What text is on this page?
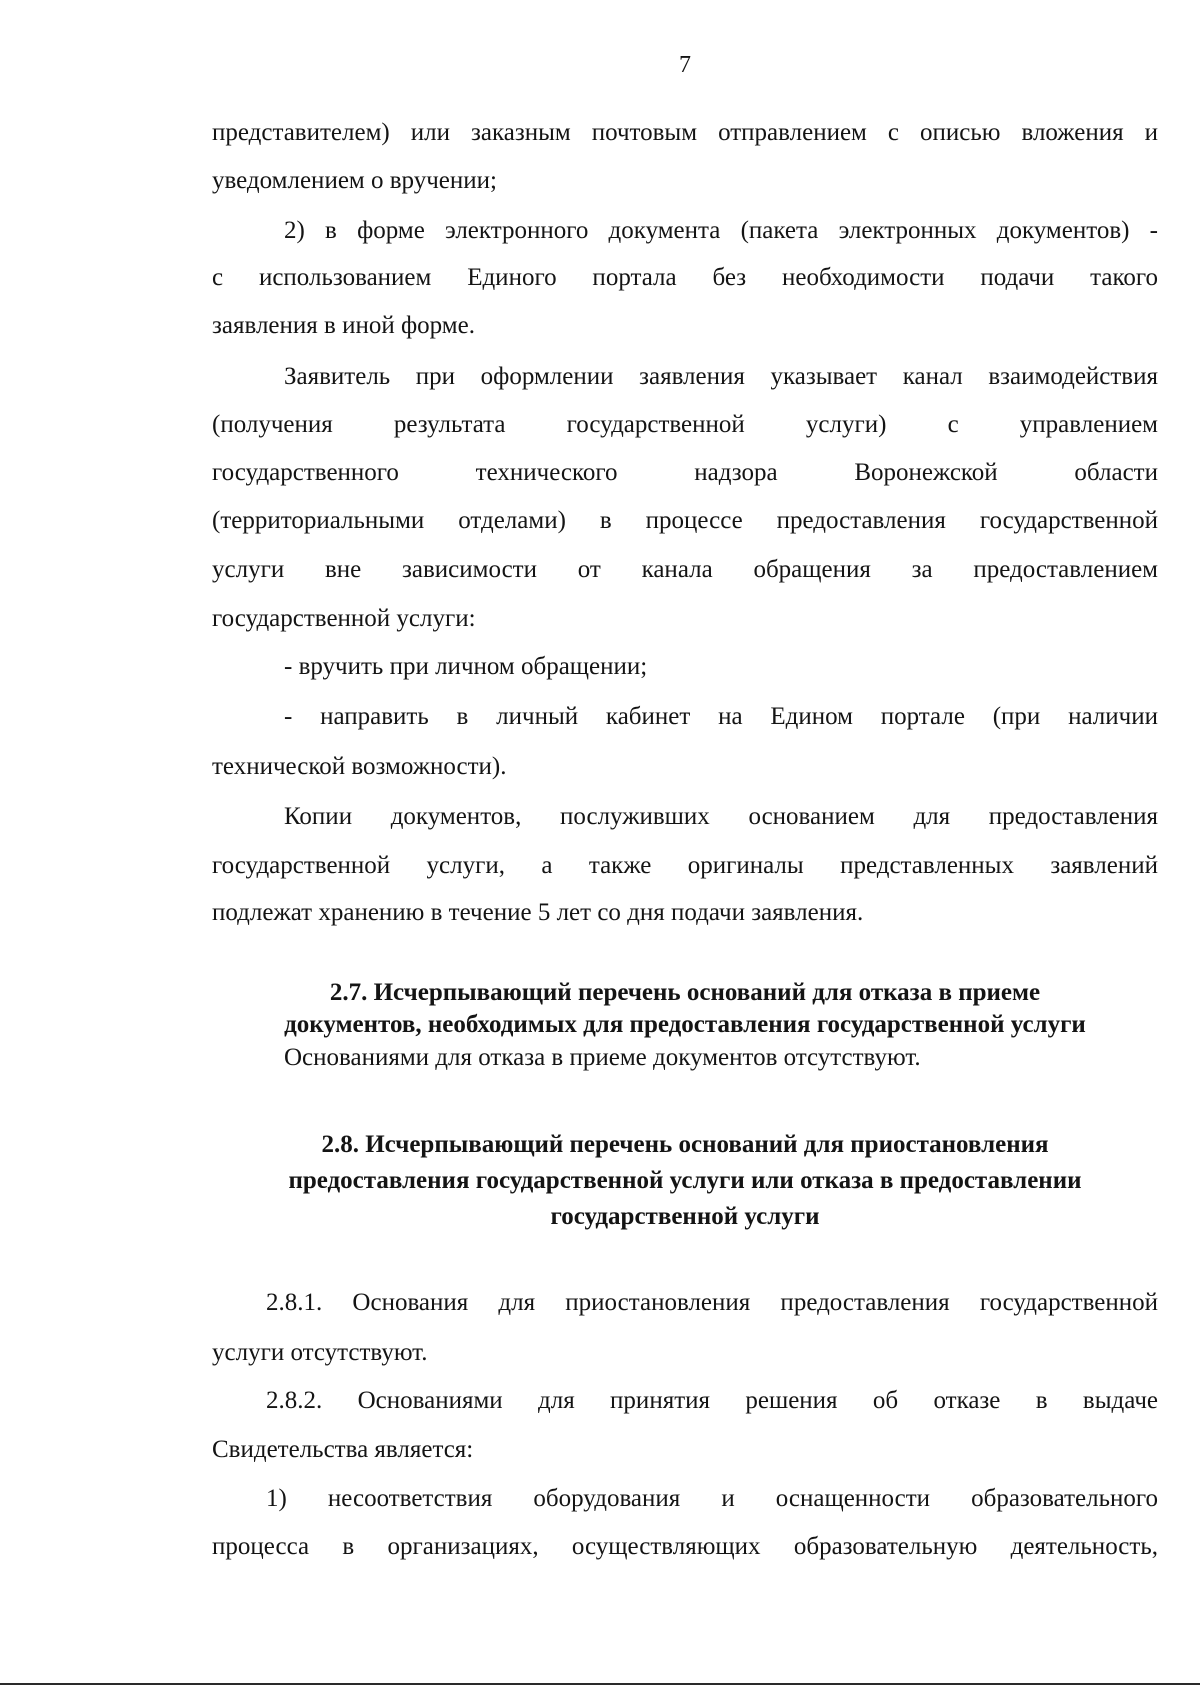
7
представителем) или заказным почтовым отправлением с описью вложения и
уведомлением о вручении;
2) в форме электронного документа (пакета электронных документов) -
с использованием Единого портала без необходимости подачи такого
заявления в иной форме.
Заявитель при оформлении заявления указывает канал взаимодействия
(получения результата государственной услуги) с управлением
государственного технического надзора Воронежской области
(территориальными отделами) в процессе предоставления государственной
услуги вне зависимости от канала обращения за предоставлением
государственной услуги:
- вручить при личном обращении;
- направить в личный кабинет на Едином портале (при наличии
технической возможности).
Копии документов, послуживших основанием для предоставления
государственной услуги, а также оригиналы представленных заявлений
подлежат хранению в течение 5 лет со дня подачи заявления.
2.7. Исчерпывающий перечень оснований для отказа в приеме
документов, необходимых для предоставления государственной услуги
Основаниями для отказа в приеме документов отсутствуют.
2.8. Исчерпывающий перечень оснований для приостановления
предоставления государственной услуги или отказа в предоставлении
государственной услуги
2.8.1. Основания для приостановления предоставления государственной
услуги отсутствуют.
2.8.2. Основаниями для принятия решения об отказе в выдаче
Свидетельства является:
1) несоответствия оборудования и оснащенности образовательного
процесса в организациях, осуществляющих образовательную деятельность,
